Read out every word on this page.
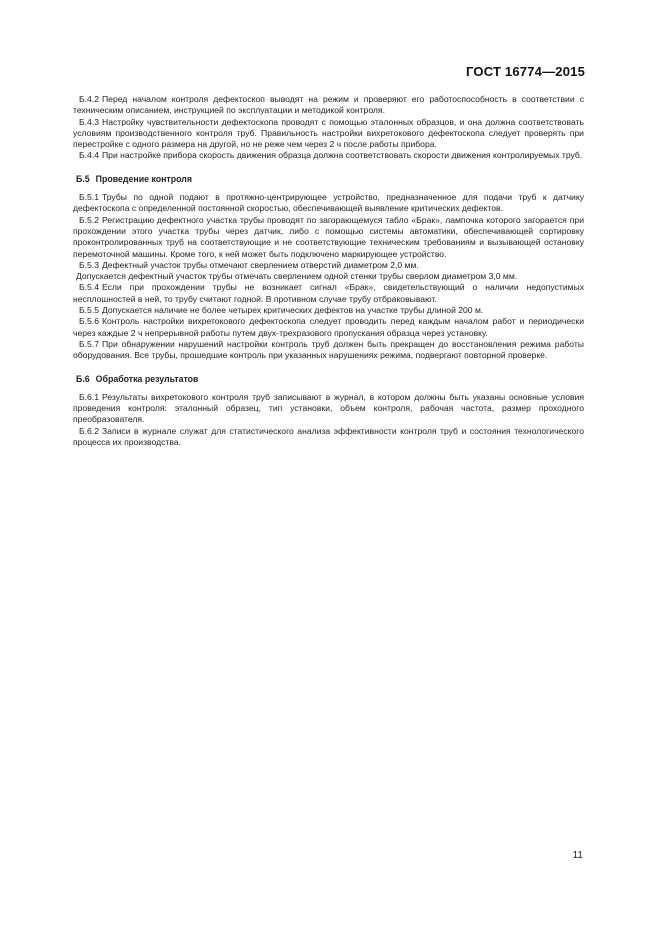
ГОСТ 16774—2015

Б.4.2 Перед началом контроля дефектоскоп выводят на режим и проверяют его работоспособность в соответствии с техническим описанием, инструкцией по эксплуатации и методикой контроля.

Б.4.3 Настройку чувствительности дефектоскопа проводят с помощью эталонных образцов, и она должна соответствовать условиям производственного контроля труб. Правильность настройки вихретокового дефектоскопа следует проверять при перестройке с одного размера на другой, но не реже чем через 2 ч после работы прибора.

Б.4.4 При настройке прибора скорость движения образца должна соответствовать скорости движения контролируемых труб.

Б.5 Проведение контроля

Б.5.1 Трубы по одной подают в протяжно-центрирующее устройство, предназначенное для подачи труб к датчику дефектоскопа с определенной постоянной скоростью, обеспечивающей выявление критических дефектов.

Б.5.2 Регистрацию дефектного участка трубы проводят по загорающемуся табло «Брак», лампочка которого загорается при прохождении этого участка трубы через датчик, либо с помощью системы автоматики, обеспечивающей сортировку проконтролированных труб на соответствующие и не соответствующие техническим требованиям и вызывающей остановку перемоточной машины. Кроме того, к ней может быть подключено маркирующее устройство.

Б.5.3 Дефектный участок трубы отмечают сверлением отверстий диаметром 2,0 мм.

Допускается дефектный участок трубы отмечать сверлением одной стенки трубы сверлом диаметром 3,0 мм.

Б.5.4 Если при прохождении трубы не возникает сигнал «Брак», свидетельствующий о наличии недопустимых несплошностей в ней, то трубу считают годной. В противном случае трубу отбраковывают.

Б.5.5 Допускается наличие не более четырех критических дефектов на участке трубы длиной 200 м.

Б.5.6 Контроль настройки вихретокового дефектоскопа следует проводить перед каждым началом работ и периодически через каждые 2 ч непрерывной работы путем двух-трехразового пропускания образца через установку.

Б.5.7 При обнаружении нарушений настройки контроль труб должен быть прекращен до восстановления режима работы оборудования. Все трубы, прошедшие контроль при указанных нарушениях режима, подвергают повторной проверке.

Б.6 Обработка результатов

Б.6.1 Результаты вихретокового контроля труб записывают в журнал, в котором должны быть указаны основные условия проведения контроля: эталонный образец, тип установки, объем контроля, рабочая частота, размер проходного преобразователя.

Б.6.2 Записи в журнале служат для статистического анализа эффективности контроля труб и состояния технологического процесса их производства.

11
